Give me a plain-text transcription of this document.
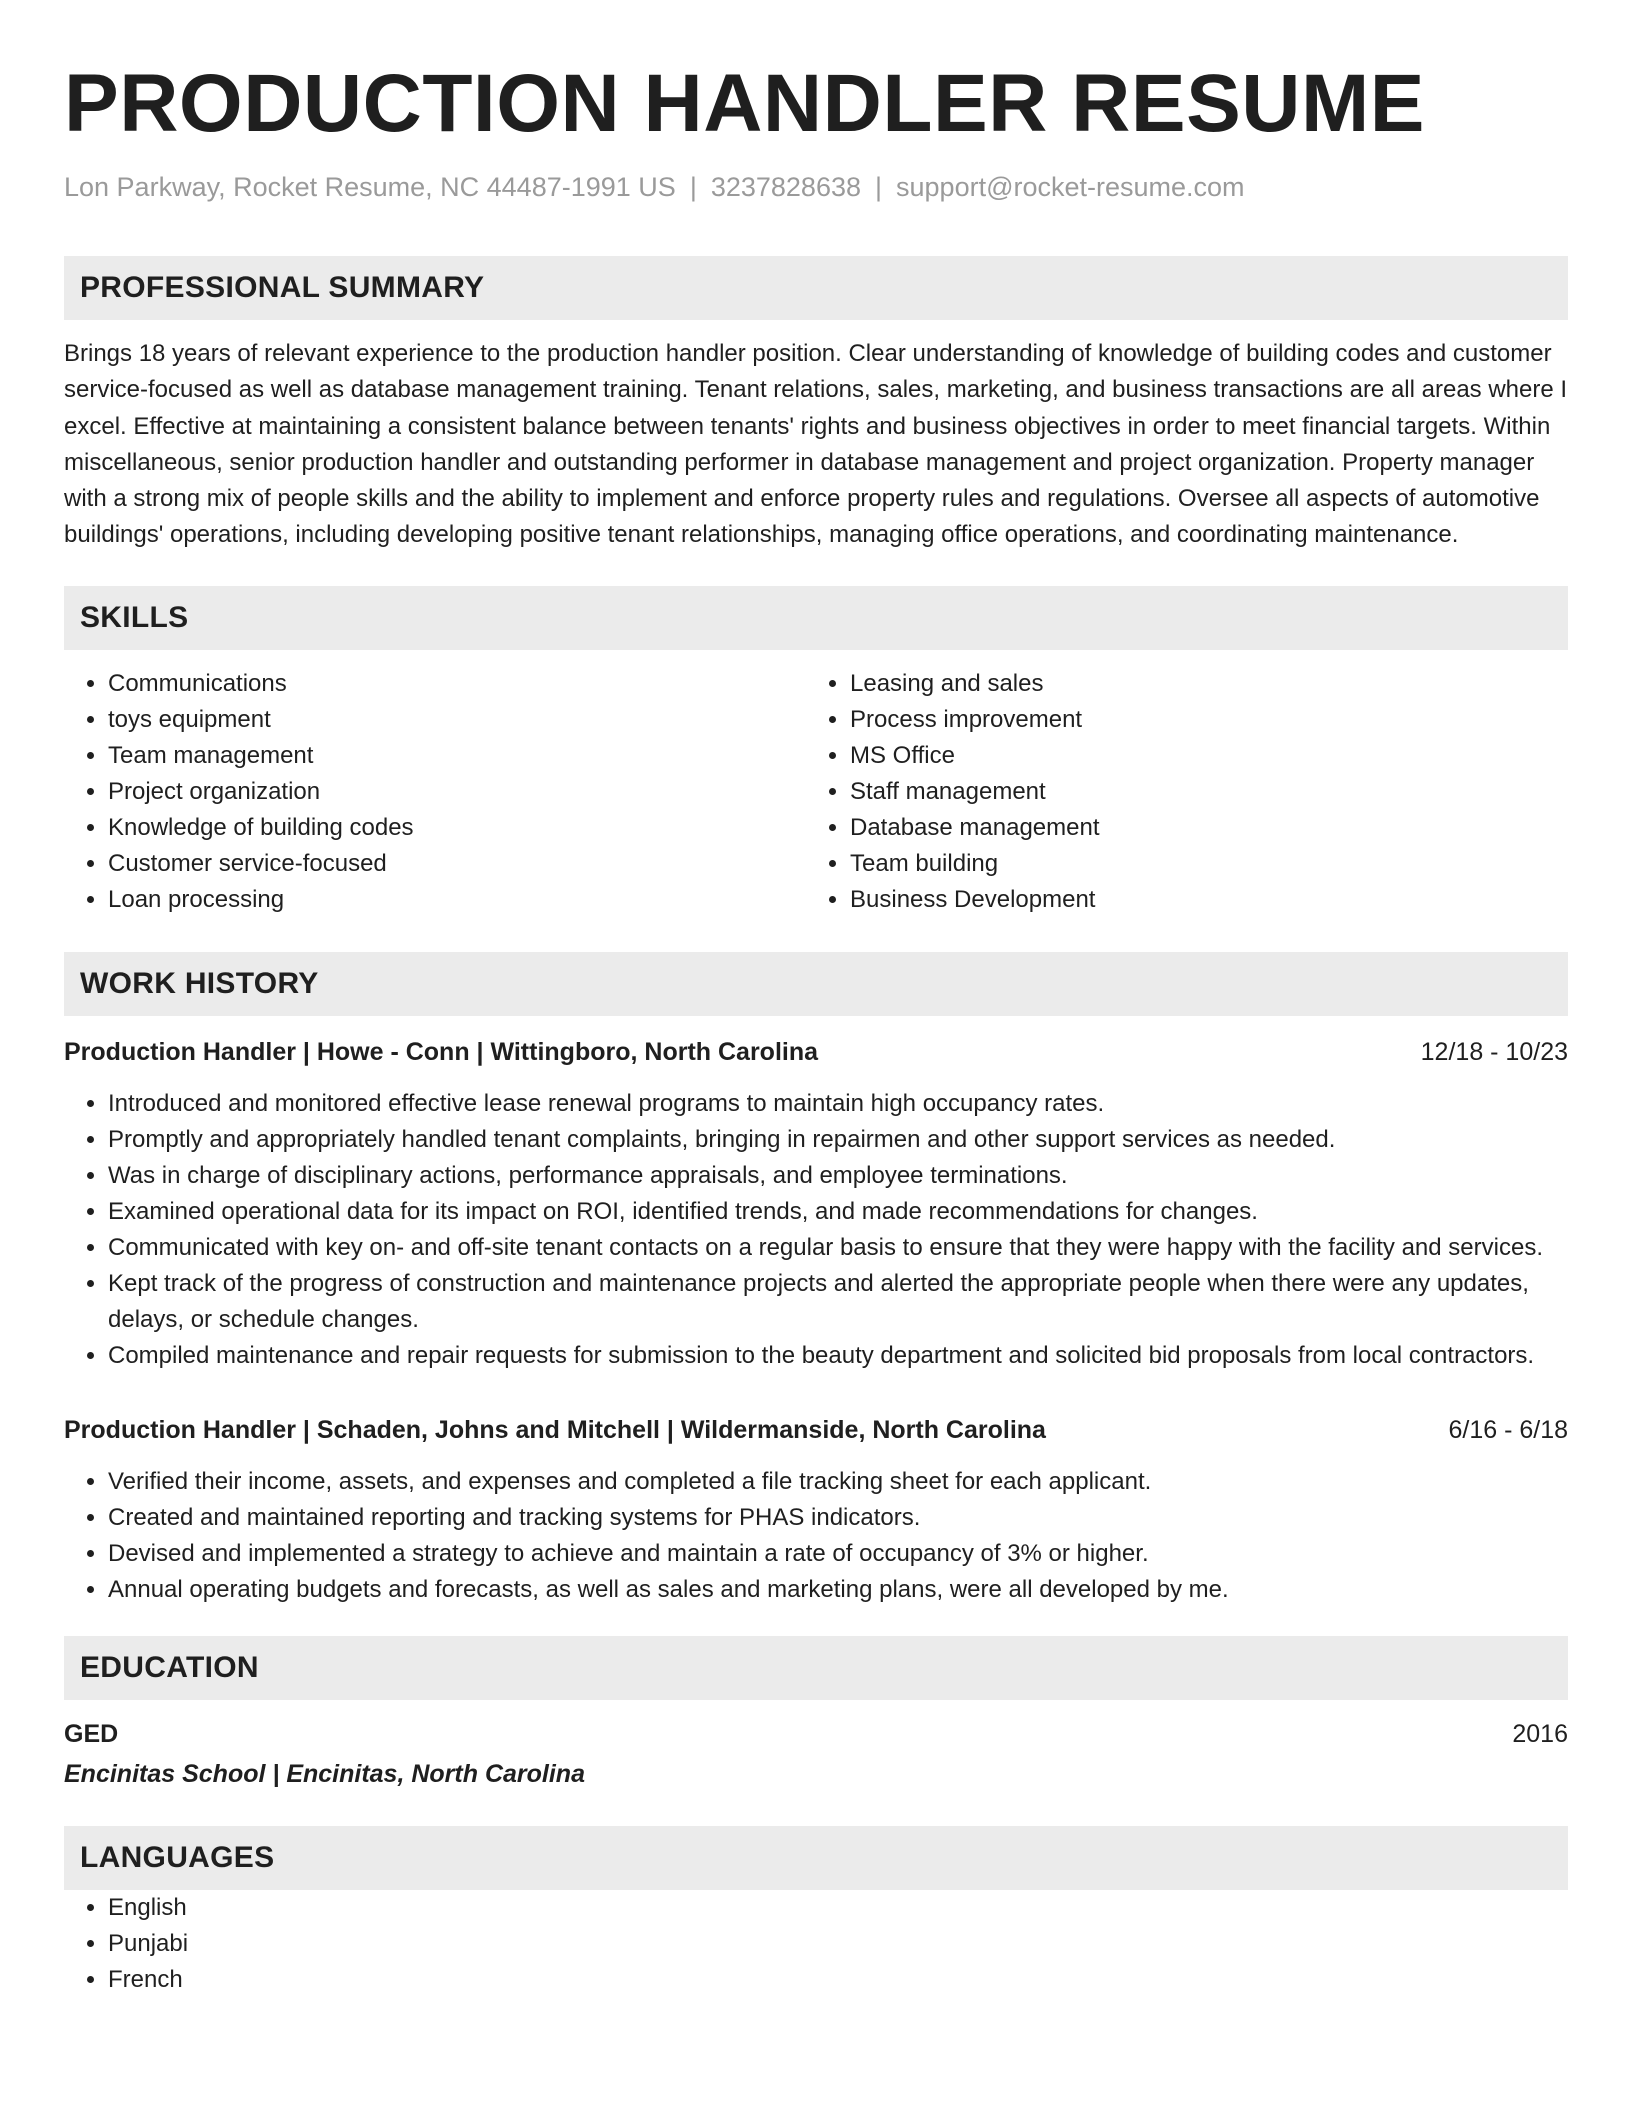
PRODUCTION HANDLER RESUME
Lon Parkway, Rocket Resume, NC 44487-1991 US | 3237828638 | support@rocket-resume.com
PROFESSIONAL SUMMARY

Brings 18 years of relevant experience to the production handler position. Clear understanding of knowledge of building codes and customer service-focused as well as database management training. Tenant relations, sales, marketing, and business transactions are all areas where I excel. Effective at maintaining a consistent balance between tenants' rights and business objectives in order to meet financial targets. Within miscellaneous, senior production handler and outstanding performer in database management and project organization. Property manager with a strong mix of people skills and the ability to implement and enforce property rules and regulations. Oversee all aspects of automotive buildings' operations, including developing positive tenant relationships, managing office operations, and coordinating maintenance.

SKILLS
• Communications
• toys equipment
• Team management
• Project organization
• Knowledge of building codes
• Customer service-focused
• Loan processing
• Leasing and sales
• Process improvement
• MS Office
• Staff management
• Database management
• Team building
• Business Development
WORK HISTORY
Production Handler | Howe - Conn | Wittingboro, North Carolina	12/18 - 10/23
• Introduced and monitored effective lease renewal programs to maintain high occupancy rates.
• Promptly and appropriately handled tenant complaints, bringing in repairmen and other support services as needed.
• Was in charge of disciplinary actions, performance appraisals, and employee terminations.
• Examined operational data for its impact on ROI, identified trends, and made recommendations for changes.
• Communicated with key on- and off-site tenant contacts on a regular basis to ensure that they were happy with the facility and services.
• Kept track of the progress of construction and maintenance projects and alerted the appropriate people when there were any updates, delays, or schedule changes.
• Compiled maintenance and repair requests for submission to the beauty department and solicited bid proposals from local contractors.
Production Handler | Schaden, Johns and Mitchell | Wildermanside, North Carolina	6/16 - 6/18
• Verified their income, assets, and expenses and completed a file tracking sheet for each applicant.
• Created and maintained reporting and tracking systems for PHAS indicators.
• Devised and implemented a strategy to achieve and maintain a rate of occupancy of 3% or higher.
• Annual operating budgets and forecasts, as well as sales and marketing plans, were all developed by me.
EDUCATION
GED	2016
Encinitas School | Encinitas, North Carolina
LANGUAGES
• English
• Punjabi
• French
